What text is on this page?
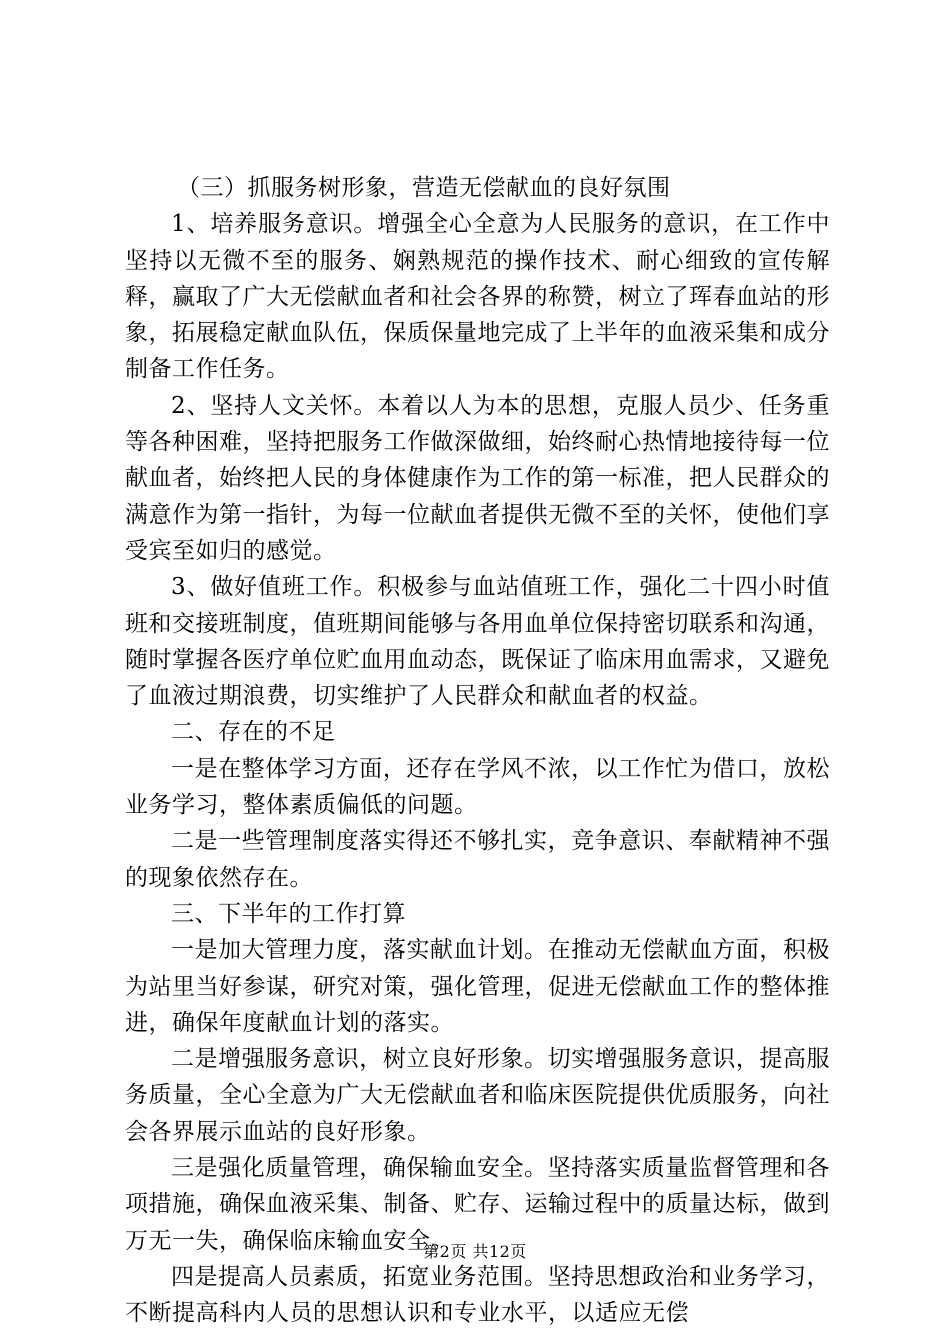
（三）抓服务树形象，营造无偿献血的良好氛围

1、培养服务意识。增强全心全意为人民服务的意识，在工作中坚持以无微不至的服务、娴熟规范的操作技术、耐心细致的宣传解释，赢取了广大无偿献血者和社会各界的称赞，树立了珲春血站的形象，拓展稳定献血队伍，保质保量地完成了上半年的血液采集和成分制备工作任务。

2、坚持人文关怀。本着以人为本的思想，克服人员少、任务重等各种困难，坚持把服务工作做深做细，始终耐心热情地接待每一位献血者，始终把人民的身体健康作为工作的第一标准，把人民群众的满意作为第一指针，为每一位献血者提供无微不至的关怀，使他们享受宾至如归的感觉。

3、做好值班工作。积极参与血站值班工作，强化二十四小时值班和交接班制度，值班期间能够与各用血单位保持密切联系和沟通，随时掌握各医疗单位贮血用血动态，既保证了临床用血需求，又避免了血液过期浪费，切实维护了人民群众和献血者的权益。

二、存在的不足

一是在整体学习方面，还存在学风不浓，以工作忙为借口，放松业务学习，整体素质偏低的问题。

二是一些管理制度落实得还不够扎实，竞争意识、奉献精神不强的现象依然存在。

三、下半年的工作打算

一是加大管理力度，落实献血计划。在推动无偿献血方面，积极为站里当好参谋，研究对策，强化管理，促进无偿献血工作的整体推进，确保年度献血计划的落实。

二是增强服务意识，树立良好形象。切实增强服务意识，提高服务质量，全心全意为广大无偿献血者和临床医院提供优质服务，向社会各界展示血站的良好形象。

三是强化质量管理，确保输血安全。坚持落实质量监督管理和各项措施，确保血液采集、制备、贮存、运输过程中的质量达标，做到万无一失，确保临床输血安全。

四是提高人员素质，拓宽业务范围。坚持思想政治和业务学习，不断提高科内人员的思想认识和专业水平，以适应无偿

第2页 共12页
